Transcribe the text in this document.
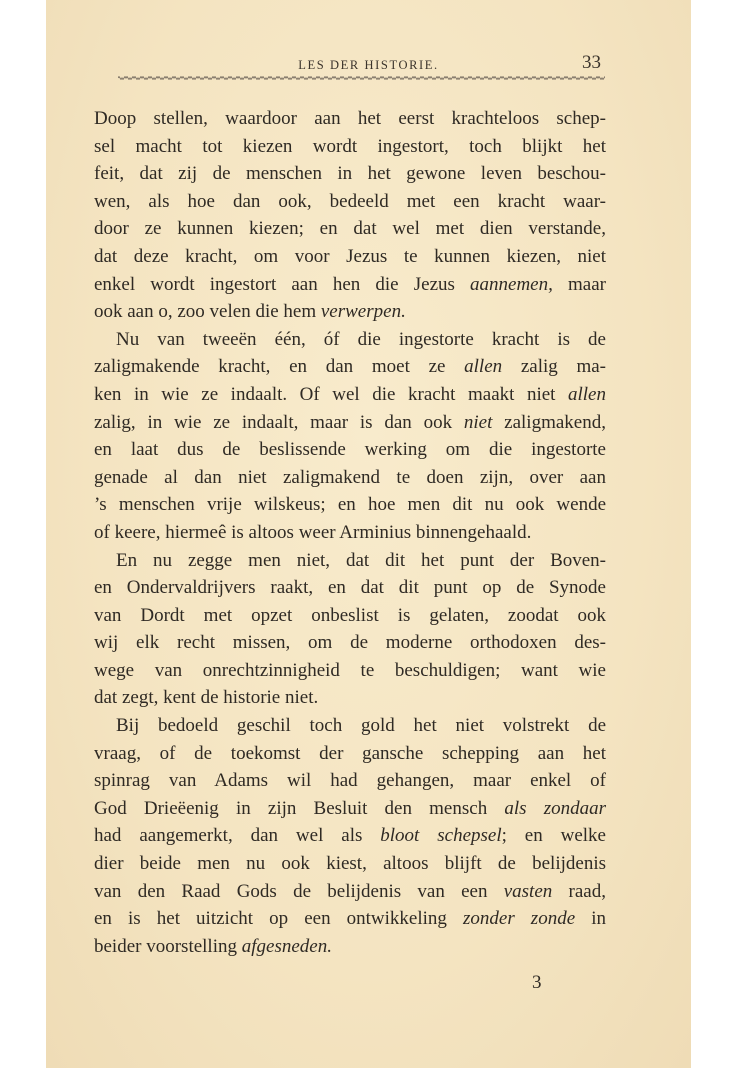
LES DER HISTORIE.	33
Doop stellen, waardoor aan het eerst krachteloos schep-
sel macht tot kiezen wordt ingestort, toch blijkt het
feit, dat zij de menschen in het gewone leven beschou-
wen, als hoe dan ook, bedeeld met een kracht waar-
door ze kunnen kiezen; en dat wel met dien verstande,
dat deze kracht, om voor Jezus te kunnen kiezen, niet
enkel wordt ingestort aan hen die Jezus aannemen, maar
ook aan o, zoo velen die hem verwerpen.
Nu van tweeën één, óf die ingestorte kracht is de
zaligmakende kracht, en dan moet ze allen zalig ma-
ken in wie ze indaalt. Of wel die kracht maakt niet allen
zalig, in wie ze indaalt, maar is dan ook niet zaligmakend,
en laat dus de beslissende werking om die ingestorte
genade al dan niet zaligmakend te doen zijn, over aan
’s menschen vrije wilskeus; en hoe men dit nu ook wende
of keere, hiermeê is altoos weer Arminius binnengehaald.
En nu zegge men niet, dat dit het punt der Boven-
en Ondervaldrijvers raakt, en dat dit punt op de Synode
van Dordt met opzet onbeslist is gelaten, zoodat ook
wij elk recht missen, om de moderne orthodoxen des-
wege van onrechtzinnigheid te beschuldigen; want wie
dat zegt, kent de historie niet.
Bij bedoeld geschil toch gold het niet volstrekt de
vraag, of de toekomst der gansche schepping aan het
spinrag van Adams wil had gehangen, maar enkel of
God Drieëenig in zijn Besluit den mensch als zondaar
had aangemerkt, dan wel als bloot schepsel; en welke
dier beide men nu ook kiest, altoos blijft de belijdenis
van den Raad Gods de belijdenis van een vasten raad,
en is het uitzicht op een ontwikkeling zonder zonde in
beider voorstelling afgesneden.
3
